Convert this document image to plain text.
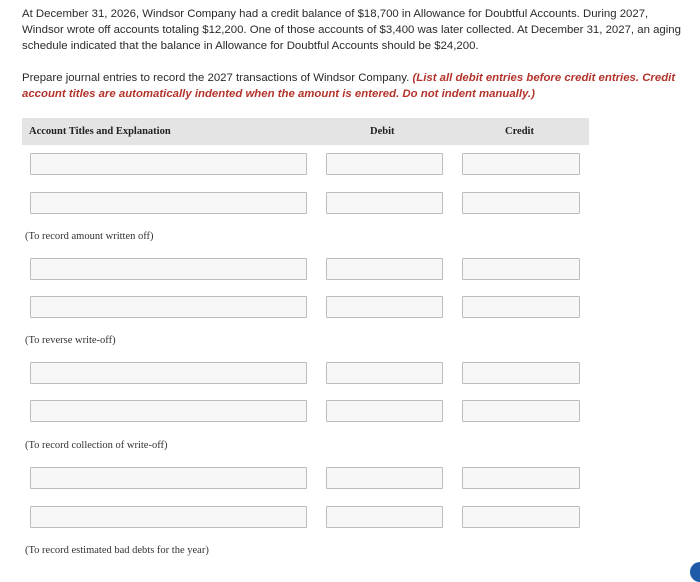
At December 31, 2026, Windsor Company had a credit balance of $18,700 in Allowance for Doubtful Accounts. During 2027, Windsor wrote off accounts totaling $12,200. One of those accounts of $3,400 was later collected. At December 31, 2027, an aging schedule indicated that the balance in Allowance for Doubtful Accounts should be $24,200.
Prepare journal entries to record the 2027 transactions of Windsor Company. (List all debit entries before credit entries. Credit account titles are automatically indented when the amount is entered. Do not indent manually.)
Account Titles and Explanation	Debit	Credit
(To record amount written off)
(To reverse write-off)
(To record collection of write-off)
(To record estimated bad debts for the year)
